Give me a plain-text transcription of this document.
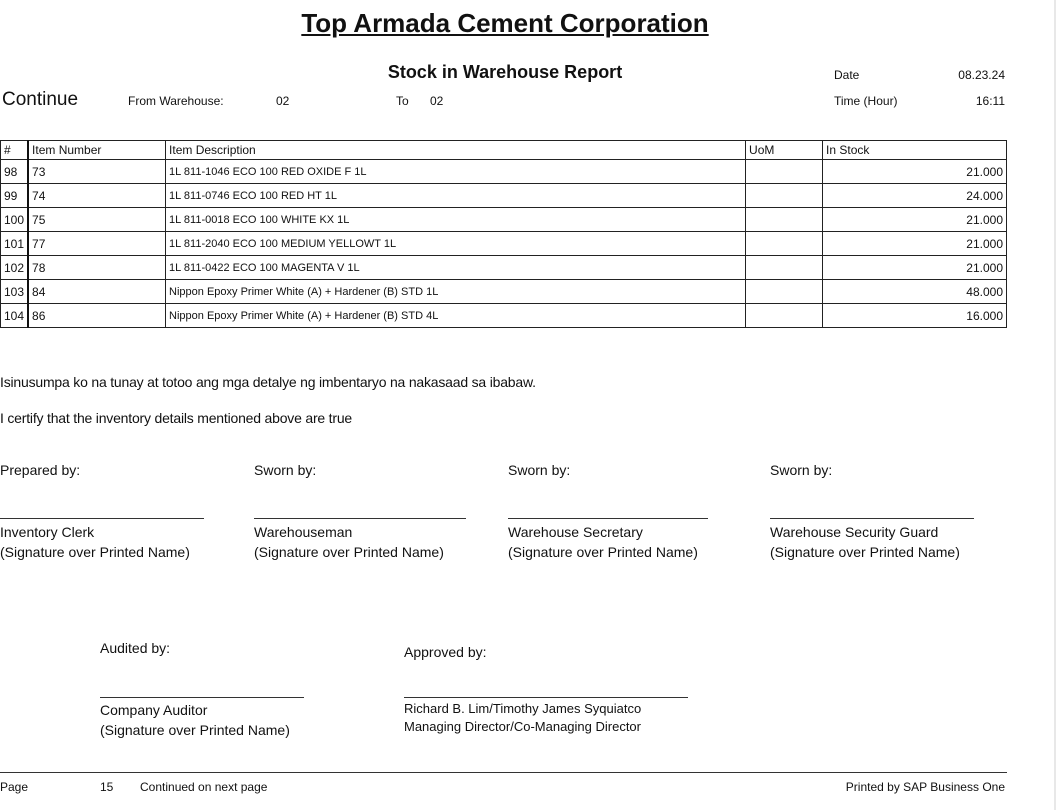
Top Armada Cement Corporation
Stock in Warehouse Report	Date	08.23.24
Continue	From Warehouse:	02	To 02	Time (Hour)	16:11
#	Item Number	Item Description	UoM	In Stock
98	73	1L 811-1046 ECO 100 RED OXIDE F 1L		21.000
99	74	1L 811-0746 ECO 100 RED HT 1L		24.000
100	75	1L 811-0018 ECO 100 WHITE KX 1L		21.000
101	77	1L 811-2040 ECO 100 MEDIUM YELLOWT 1L		21.000
102	78	1L 811-0422 ECO 100 MAGENTA V 1L		21.000
103	84	Nippon Epoxy Primer White (A) + Hardener (B) STD 1L		48.000
104	86	Nippon Epoxy Primer White (A) + Hardener (B) STD 4L		16.000
Isinusumpa ko na tunay at totoo ang mga detalye ng imbentaryo na nakasaad sa ibabaw.
I certify that the inventory details mentioned above are true
Prepared by:
Inventory Clerk
(Signature over Printed Name)
Sworn by:
Warehouseman
(Signature over Printed Name)
Sworn by:
Warehouse Secretary
(Signature over Printed Name)
Sworn by:
Warehouse Security Guard
(Signature over Printed Name)
Audited by:
Company Auditor
(Signature over Printed Name)
Approved by:
Richard B. Lim/Timothy James Syquiatco
Managing Director/Co-Managing Director
Page	15 Continued on next page	Printed by SAP Business One
